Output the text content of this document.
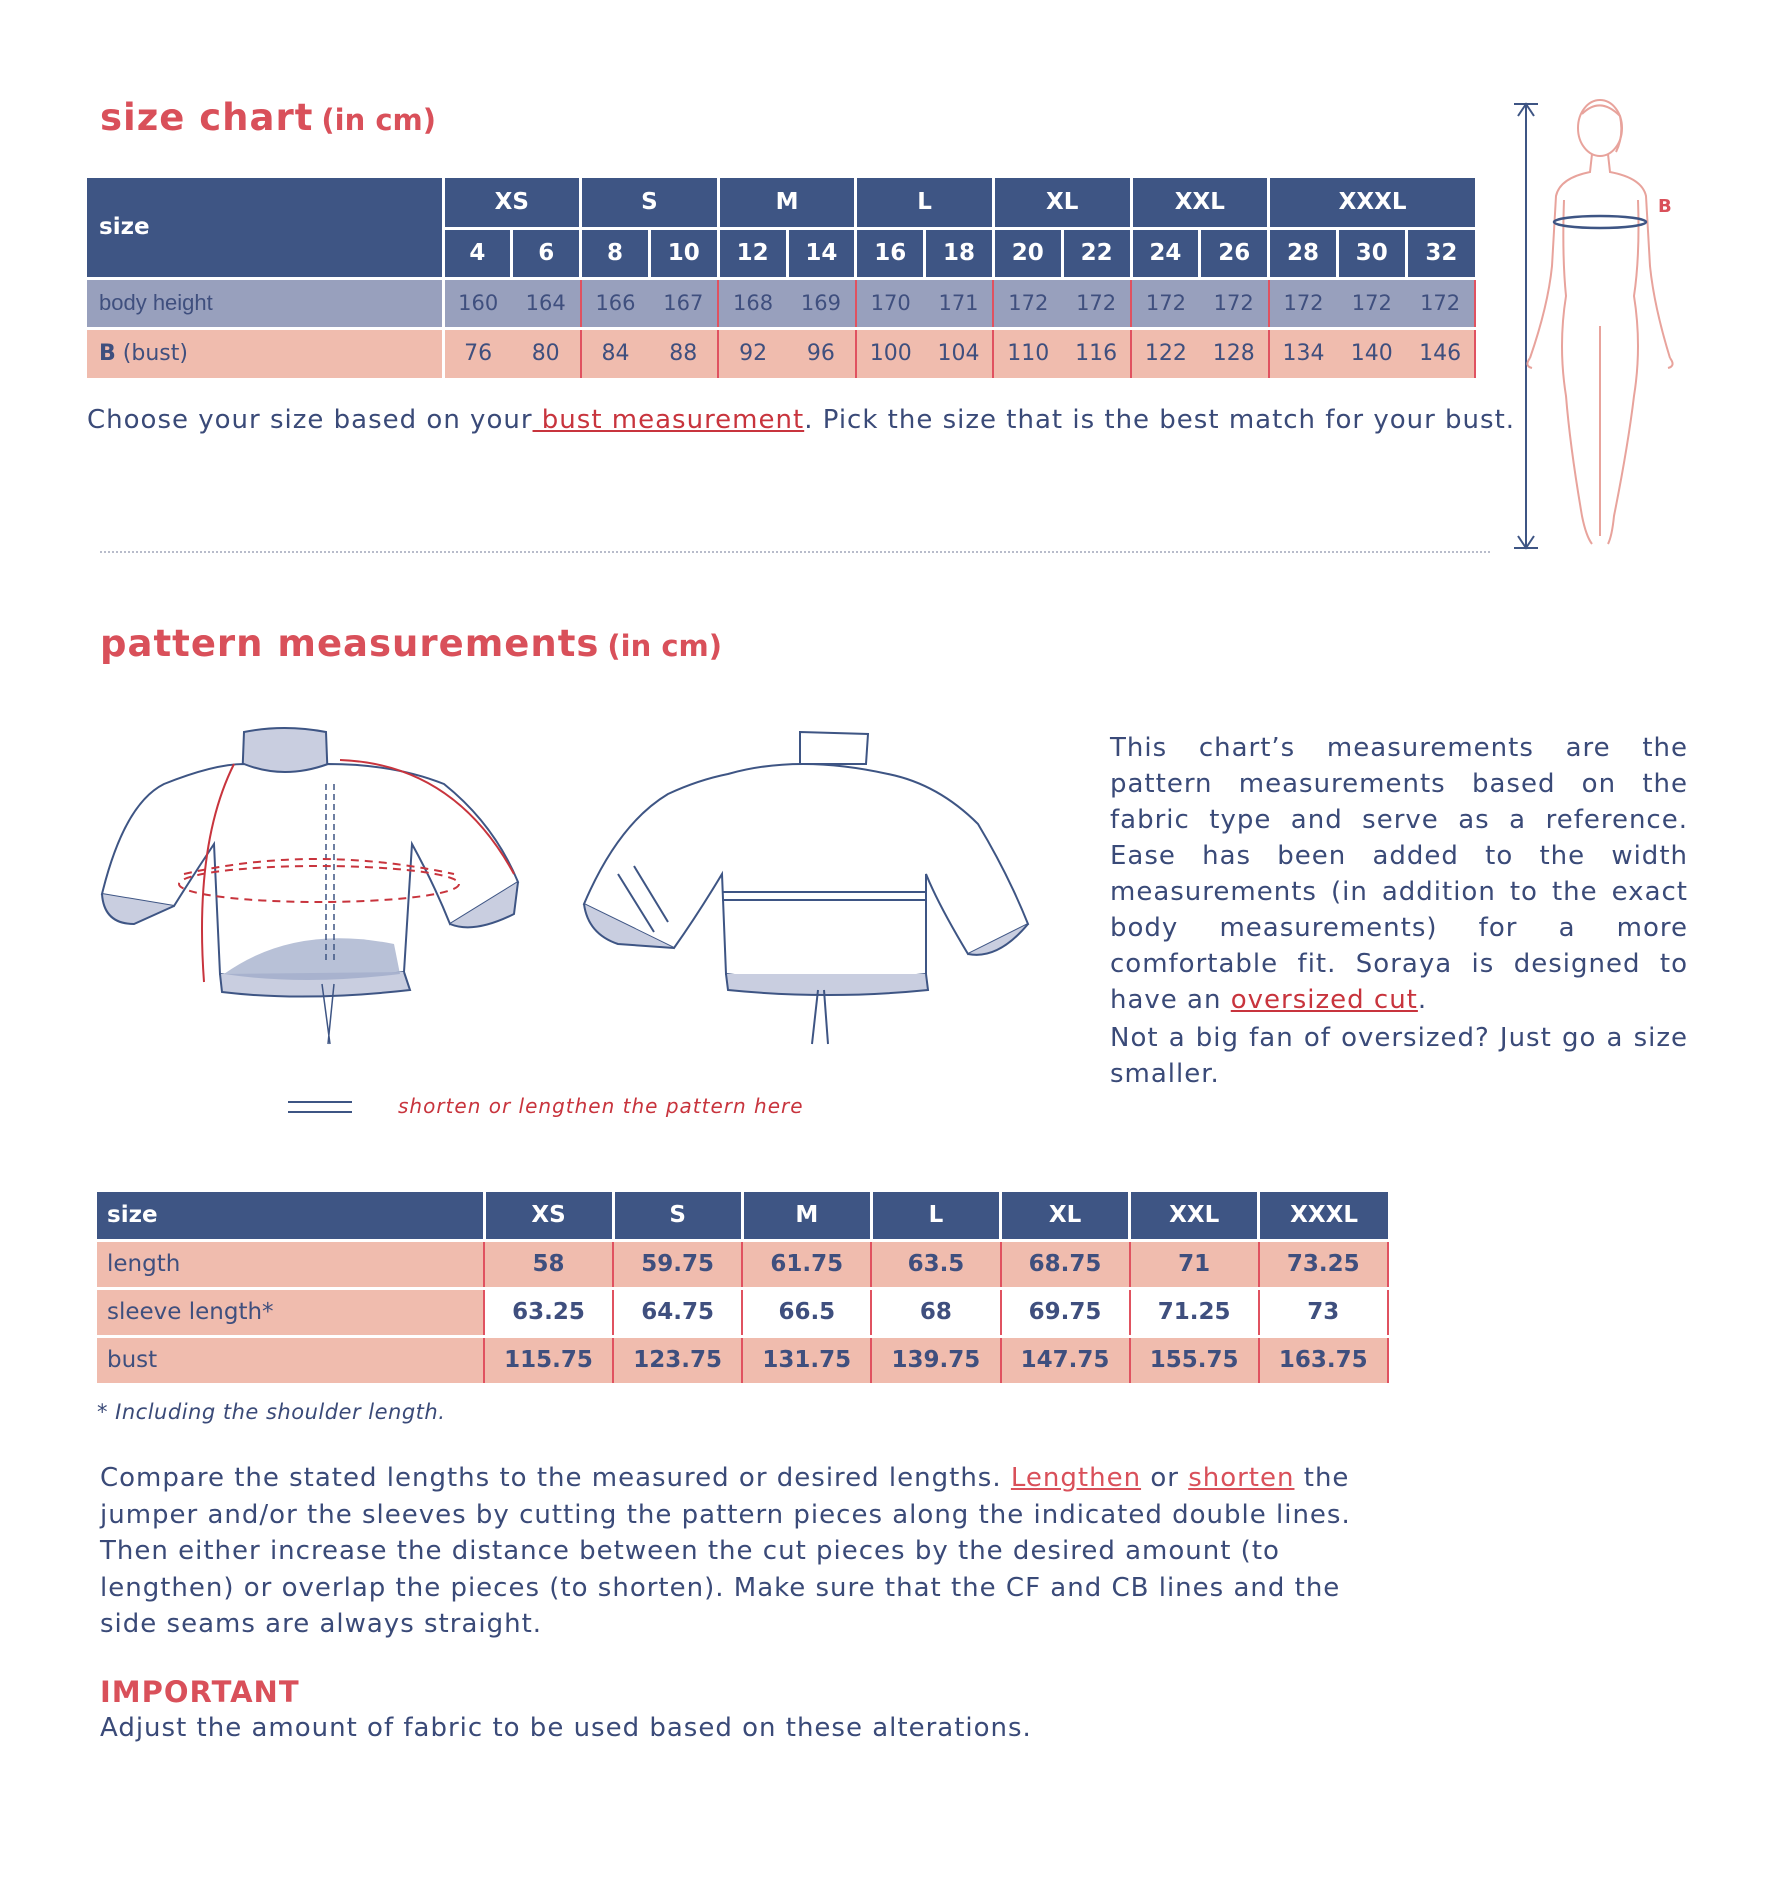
size chart (in cm)
size	XS		S		M		L		XL		XXL		XXXL		
	4	6	8	10	12	14	16	18	20	22	24	26	28	30	32
body height	160	164	166	167	168	169	170	171	172	172	172	172	172	172	172
B (bust)	76	80	84	88	92	96	100	104	110	116	122	128	134	140	146
Choose your size based on your bust measurement. Pick the size that is the best match for your bust.
B
pattern measurements (in cm)
shorten or lengthen the pattern here
This chart’s measurements are the pattern measurements based on the fabric type and serve as a reference. Ease has been added to the width measurements (in addition to the exact body measurements) for a more comfortable fit. Soraya is designed to have an oversized cut.
Not a big fan of oversized? Just go a size smaller.
size	XS	S	M	L	XL	XXL	XXXL
length	58	59.75	61.75	63.5	68.75	71	73.25
sleeve length*	63.25	64.75	66.5	68	69.75	71.25	73
bust	115.75	123.75	131.75	139.75	147.75	155.75	163.75
* Including the shoulder length.
Compare the stated lengths to the measured or desired lengths. Lengthen or shorten the jumper and/or the sleeves by cutting the pattern pieces along the indicated double lines. Then either increase the distance between the cut pieces by the desired amount (to lengthen) or overlap the pieces (to shorten). Make sure that the CF and CB lines and the side seams are always straight.
IMPORTANT
Adjust the amount of fabric to be used based on these alterations.
